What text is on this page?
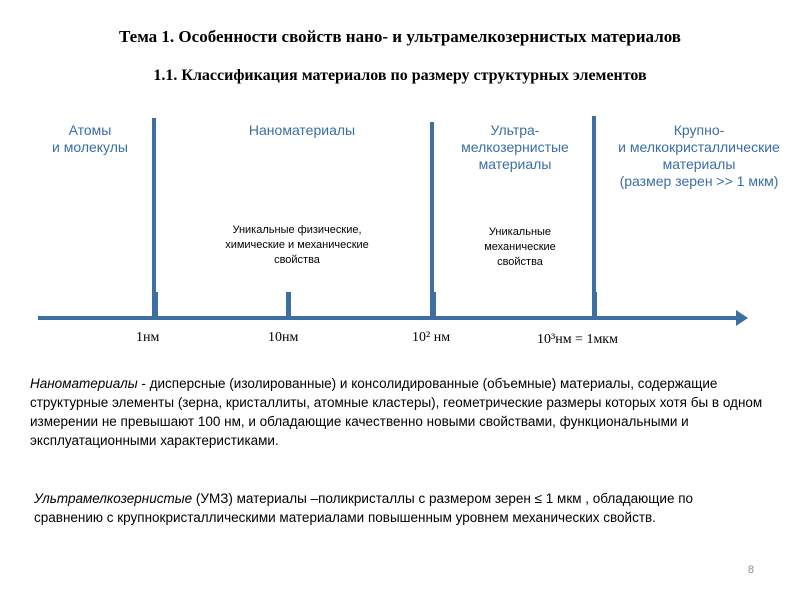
Тема 1. Особенности свойств нано- и ультрамелкозернистых материалов
1.1. Классификация материалов по размеру структурных элементов
Атомы
и молекулы
Наноматериалы	Ультра-
мелкозернистые
материалы
Крупно-
и мелкокристаллические
материалы
(размер зерен >> 1 мкм)
Уникальные физические,
химические и механические
свойства
Уникальные
механические
свойства
1нм	10нм	10² нм	10³нм = 1мкм
Наноматериалы - дисперсные (изолированные) и консолидированные (объемные) материалы, содержащие структурные элементы (зерна, кристаллиты, атомные кластеры), геометрические размеры которых хотя бы в одном измерении не превышают 100 нм, и обладающие качественно новыми свойствами, функциональными и эксплуатационными характеристиками.
Ультрамелкозернистые (УМЗ) материалы –поликристаллы с размером зерен ≤ 1 мкм , обладающие по сравнению с крупнокристаллическими материалами повышенным уровнем механических свойств.
8
